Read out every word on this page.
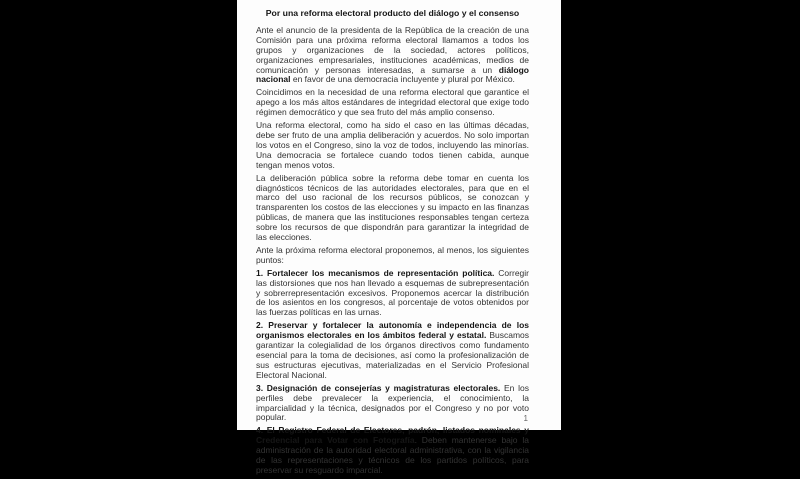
Por una reforma electoral producto del diálogo y el consenso

Ante el anuncio de la presidenta de la República de la creación de una Comisión para una próxima reforma electoral llamamos a todos los grupos y organizaciones de la sociedad, actores políticos, organizaciones empresariales, instituciones académicas, medios de comunicación y personas interesadas, a sumarse a un diálogo nacional en favor de una democracia incluyente y plural por México.

Coincidimos en la necesidad de una reforma electoral que garantice el apego a los más altos estándares de integridad electoral que exige todo régimen democrático y que sea fruto del más amplio consenso.

Una reforma electoral, como ha sido el caso en las últimas décadas, debe ser fruto de una amplia deliberación y acuerdos. No solo importan los votos en el Congreso, sino la voz de todos, incluyendo las minorías. Una democracia se fortalece cuando todos tienen cabida, aunque tengan menos votos.

La deliberación pública sobre la reforma debe tomar en cuenta los diagnósticos técnicos de las autoridades electorales, para que en el marco del uso racional de los recursos públicos, se conozcan y transparenten los costos de las elecciones y su impacto en las finanzas públicas, de manera que las instituciones responsables tengan certeza sobre los recursos de que dispondrán para garantizar la integridad de las elecciones.

Ante la próxima reforma electoral proponemos, al menos, los siguientes puntos:

1. Fortalecer los mecanismos de representación política. Corregir las distorsiones que nos han llevado a esquemas de subrepresentación y sobrerrepresentación excesivos. Proponemos acercar la distribución de los asientos en los congresos, al porcentaje de votos obtenidos por las fuerzas políticas en las urnas.

2. Preservar y fortalecer la autonomía e independencia de los organismos electorales en los ámbitos federal y estatal. Buscamos garantizar la colegialidad de los órganos directivos como fundamento esencial para la toma de decisiones, así como la profesionalización de sus estructuras ejecutivas, materializadas en el Servicio Profesional Electoral Nacional.

3. Designación de consejerías y magistraturas electorales. En los perfiles debe prevalecer la experiencia, el conocimiento, la imparcialidad y la técnica, designados por el Congreso y no por voto popular.

4. El Registro Federal de Electores, padrón, listados nominales y Credencial para Votar con Fotografía. Deben mantenerse bajo la administración de la autoridad electoral administrativa, con la vigilancia de las representaciones y técnicos de los partidos políticos, para preservar su resguardo imparcial.

1
